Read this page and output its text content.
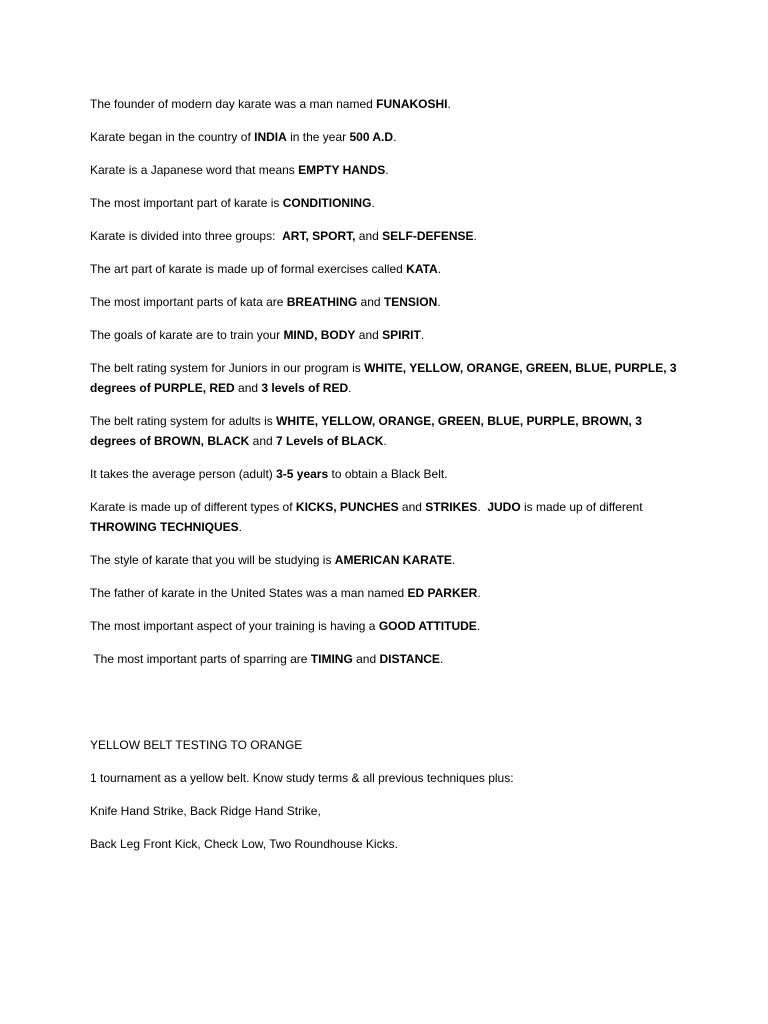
The founder of modern day karate was a man named FUNAKOSHI.

Karate began in the country of INDIA in the year 500 A.D.

Karate is a Japanese word that means EMPTY HANDS.

The most important part of karate is CONDITIONING.

Karate is divided into three groups:  ART, SPORT, and SELF-DEFENSE.

The art part of karate is made up of formal exercises called KATA.

The most important parts of kata are BREATHING and TENSION.

The goals of karate are to train your MIND, BODY and SPIRIT.

The belt rating system for Juniors in our program is WHITE, YELLOW, ORANGE, GREEN, BLUE, PURPLE, 3 degrees of PURPLE, RED and 3 levels of RED.

The belt rating system for adults is WHITE, YELLOW, ORANGE, GREEN, BLUE, PURPLE, BROWN, 3 degrees of BROWN, BLACK and 7 Levels of BLACK.

It takes the average person (adult) 3-5 years to obtain a Black Belt.

Karate is made up of different types of KICKS, PUNCHES and STRIKES.  JUDO is made up of different THROWING TECHNIQUES.

The style of karate that you will be studying is AMERICAN KARATE.

The father of karate in the United States was a man named ED PARKER.

The most important aspect of your training is having a GOOD ATTITUDE.

The most important parts of sparring are TIMING and DISTANCE.

YELLOW BELT TESTING TO ORANGE

1 tournament as a yellow belt. Know study terms & all previous techniques plus:

Knife Hand Strike, Back Ridge Hand Strike,

Back Leg Front Kick, Check Low, Two Roundhouse Kicks.
